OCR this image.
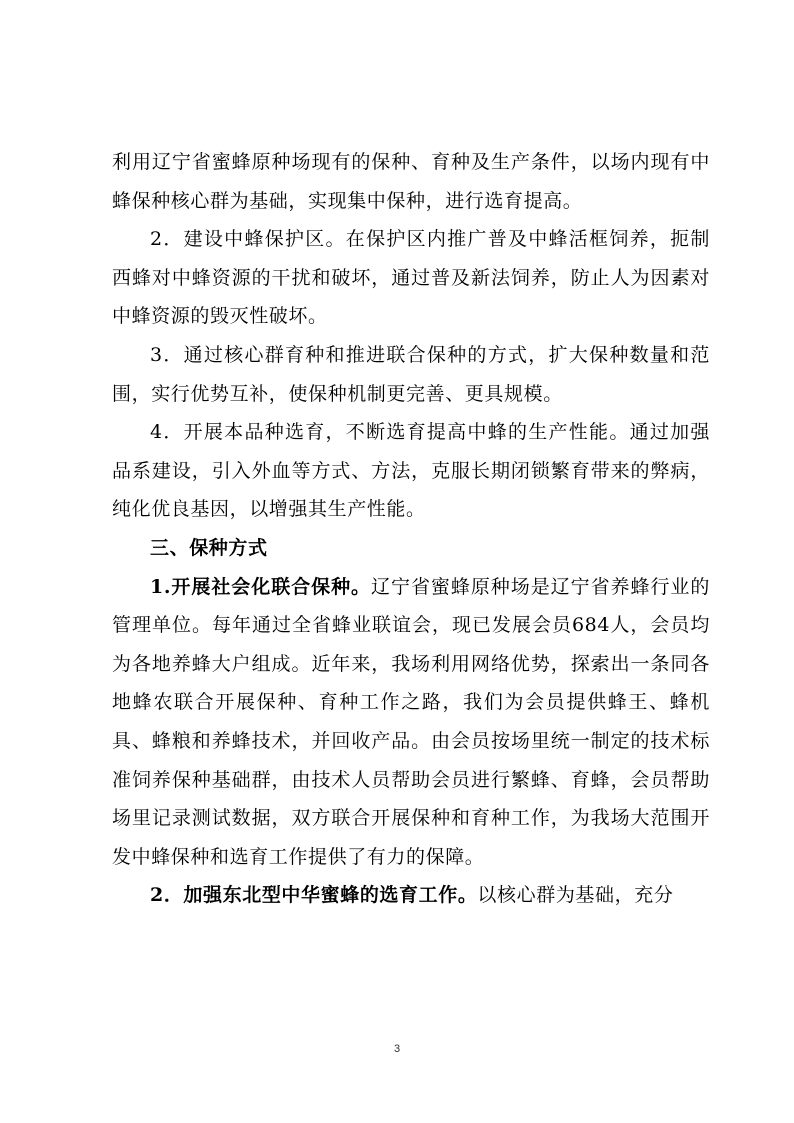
利用辽宁省蜜蜂原种场现有的保种、育种及生产条件，以场内现有中蜂保种核心群为基础，实现集中保种，进行选育提高。

2．建设中蜂保护区。在保护区内推广普及中蜂活框饲养，扼制西蜂对中蜂资源的干扰和破坏，通过普及新法饲养，防止人为因素对中蜂资源的毁灭性破坏。

3．通过核心群育种和推进联合保种的方式，扩大保种数量和范围，实行优势互补，使保种机制更完善、更具规模。

4．开展本品种选育，不断选育提高中蜂的生产性能。通过加强品系建设，引入外血等方式、方法，克服长期闭锁繁育带来的弊病，纯化优良基因，以增强其生产性能。

三、保种方式

1.开展社会化联合保种。辽宁省蜜蜂原种场是辽宁省养蜂行业的管理单位。每年通过全省蜂业联谊会，现已发展会员684人，会员均为各地养蜂大户组成。近年来，我场利用网络优势，探索出一条同各地蜂农联合开展保种、育种工作之路，我们为会员提供蜂王、蜂机具、蜂粮和养蜂技术，并回收产品。由会员按场里统一制定的技术标准饲养保种基础群，由技术人员帮助会员进行繁蜂、育蜂，会员帮助场里记录测试数据，双方联合开展保种和育种工作，为我场大范围开发中蜂保种和选育工作提供了有力的保障。

2．加强东北型中华蜜蜂的选育工作。以核心群为基础，充分

3
